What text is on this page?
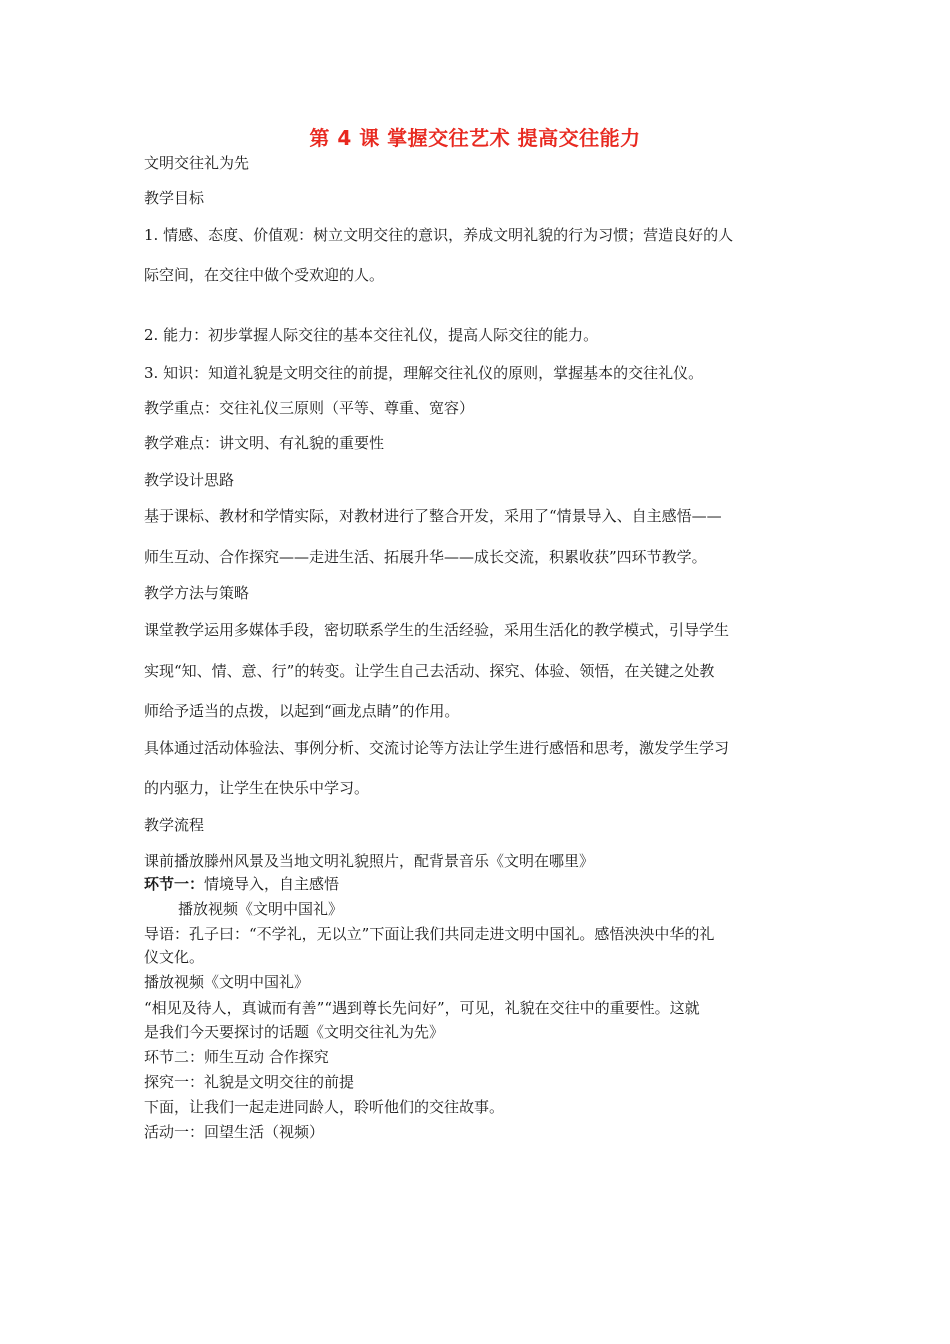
第 4 课 掌握交往艺术 提高交往能力
文明交往礼为先
教学目标
1. 情感、态度、价值观：树立文明交往的意识，养成文明礼貌的行为习惯；营造良好的人
际空间，在交往中做个受欢迎的人。
2. 能力：初步掌握人际交往的基本交往礼仪，提高人际交往的能力。
3. 知识：知道礼貌是文明交往的前提，理解交往礼仪的原则，掌握基本的交往礼仪。
教学重点：交往礼仪三原则（平等、尊重、宽容）
教学难点：讲文明、有礼貌的重要性
教学设计思路
基于课标、教材和学情实际，对教材进行了整合开发，采用了“情景导入、自主感悟——
师生互动、合作探究——走进生活、拓展升华——成长交流，积累收获”四环节教学。
教学方法与策略
课堂教学运用多媒体手段，密切联系学生的生活经验，采用生活化的教学模式，引导学生
实现“知、情、意、行”的转变。让学生自己去活动、探究、体验、领悟，在关键之处教
师给予适当的点拨，以起到“画龙点睛”的作用。
具体通过活动体验法、事例分析、交流讨论等方法让学生进行感悟和思考，激发学生学习
的内驱力，让学生在快乐中学习。
教学流程
课前播放滕州风景及当地文明礼貌照片，配背景音乐《文明在哪里》
环节一：情境导入，自主感悟
播放视频《文明中国礼》
导语：孔子曰：“不学礼，无以立”下面让我们共同走进文明中国礼。感悟泱泱中华的礼
仪文化。
播放视频《文明中国礼》
“相见及待人，真诚而有善”“遇到尊长先问好”，可见，礼貌在交往中的重要性。这就
是我们今天要探讨的话题《文明交往礼为先》
环节二：师生互动 合作探究
探究一：礼貌是文明交往的前提
下面，让我们一起走进同龄人，聆听他们的交往故事。
活动一：回望生活（视频）
